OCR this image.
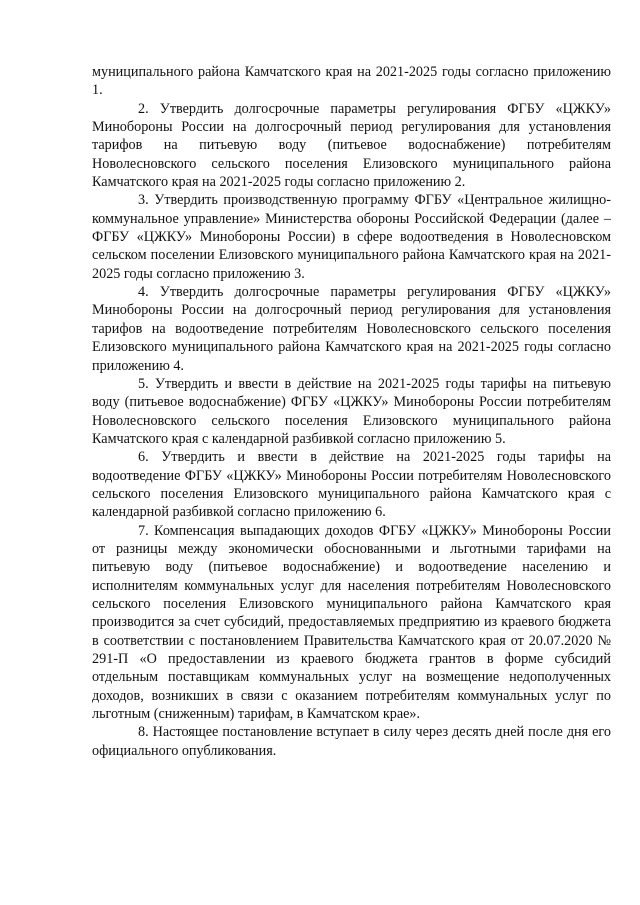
муниципального района Камчатского края на 2021-2025 годы согласно приложению 1.

2. Утвердить долгосрочные параметры регулирования ФГБУ «ЦЖКУ» Минобороны России на долгосрочный период регулирования для установления тарифов на питьевую воду (питьевое водоснабжение) потребителям Новолесновского сельского поселения Елизовского муниципального района Камчатского края на 2021-2025 годы согласно приложению 2.

3. Утвердить производственную программу ФГБУ «Центральное жилищно-коммунальное управление» Министерства обороны Российской Федерации (далее – ФГБУ «ЦЖКУ» Минобороны России) в сфере водоотведения в Новолесновском сельском поселении Елизовского муниципального района Камчатского края на 2021-2025 годы согласно приложению 3.

4. Утвердить долгосрочные параметры регулирования ФГБУ «ЦЖКУ» Минобороны России на долгосрочный период регулирования для установления тарифов на водоотведение потребителям Новолесновского сельского поселения Елизовского муниципального района Камчатского края на 2021-2025 годы согласно приложению 4.

5. Утвердить и ввести в действие на 2021-2025 годы тарифы на питьевую воду (питьевое водоснабжение) ФГБУ «ЦЖКУ» Минобороны России потребителям Новолесновского сельского поселения Елизовского муниципального района Камчатского края с календарной разбивкой согласно приложению 5.

6. Утвердить и ввести в действие на 2021-2025 годы тарифы на водоотведение ФГБУ «ЦЖКУ» Минобороны России потребителям Новолесновского сельского поселения Елизовского муниципального района Камчатского края с календарной разбивкой согласно приложению 6.

7. Компенсация выпадающих доходов ФГБУ «ЦЖКУ» Минобороны России от разницы между экономически обоснованными и льготными тарифами на питьевую воду (питьевое водоснабжение) и водоотведение населению и исполнителям коммунальных услуг для населения потребителям Новолесновского сельского поселения Елизовского муниципального района Камчатского края производится за счет субсидий, предоставляемых предприятию из краевого бюджета в соответствии с постановлением Правительства Камчатского края от 20.07.2020 № 291-П «О предоставлении из краевого бюджета грантов в форме субсидий отдельным поставщикам коммунальных услуг на возмещение недополученных доходов, возникших в связи с оказанием потребителям коммунальных услуг по льготным (сниженным) тарифам, в Камчатском крае».

8. Настоящее постановление вступает в силу через десять дней после дня его официального опубликования.
